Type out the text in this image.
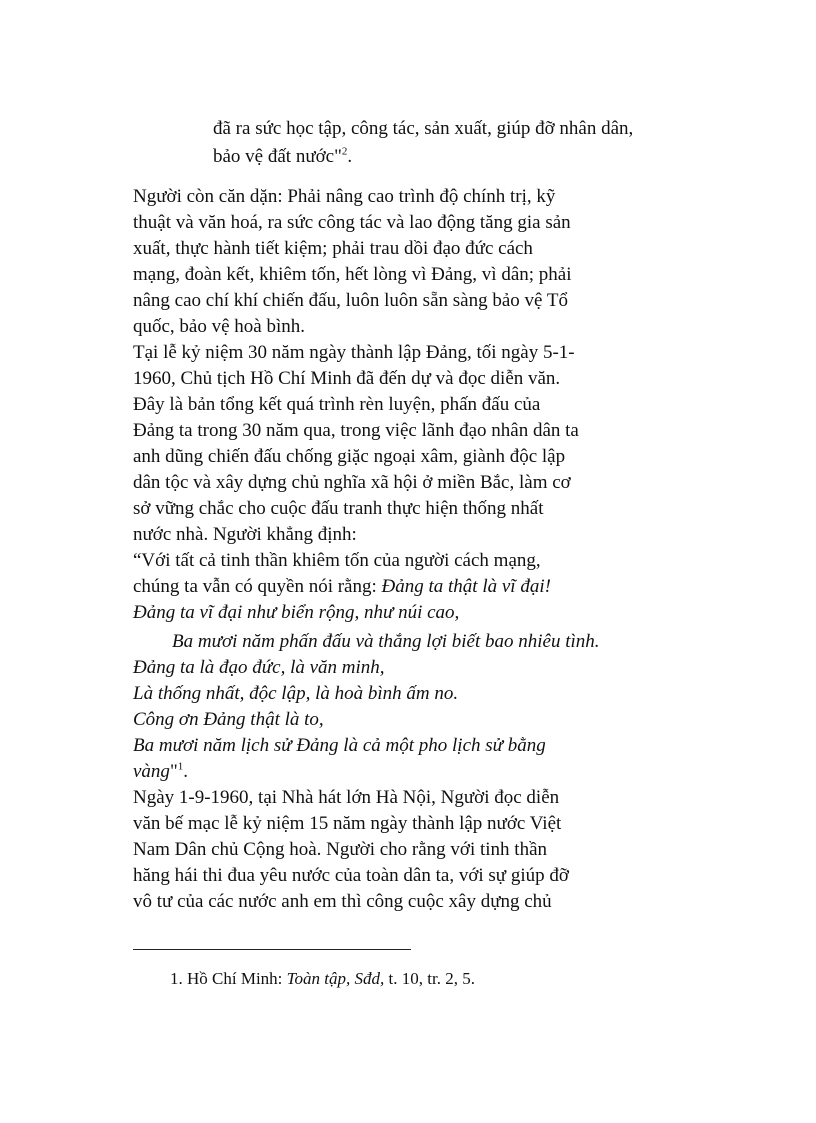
đã ra sức học tập, công tác, sản xuất, giúp đỡ nhân dân,
bảo vệ đất nước"$^2$.
Người còn căn dặn: Phải nâng cao trình độ chính trị, kỹ
thuật và văn hoá, ra sức công tác và lao động tăng gia sản
xuất, thực hành tiết kiệm; phải trau dồi đạo đức cách
mạng, đoàn kết, khiêm tốn, hết lòng vì Đảng, vì dân; phải
nâng cao chí khí chiến đấu, luôn luôn sẵn sàng bảo vệ Tổ
quốc, bảo vệ hoà bình.
Tại lễ kỷ niệm 30 năm ngày thành lập Đảng, tối ngày 5-1-
1960, Chủ tịch Hồ Chí Minh đã đến dự và đọc diễn văn.
Đây là bản tổng kết quá trình rèn luyện, phấn đấu của
Đảng ta trong 30 năm qua, trong việc lãnh đạo nhân dân ta
anh dũng chiến đấu chống giặc ngoại xâm, giành độc lập
dân tộc và xây dựng chủ nghĩa xã hội ở miền Bắc, làm cơ
sở vững chắc cho cuộc đấu tranh thực hiện thống nhất
nước nhà. Người khẳng định:
“Với tất cả tinh thần khiêm tốn của người cách mạng,
chúng ta vẫn có quyền nói rằng: Đảng ta thật là vĩ đại!
Đảng ta vĩ đại như biển rộng, như núi cao,
Ba mươi năm phấn đấu và thắng lợi biết bao nhiêu tình.
Đảng ta là đạo đức, là văn minh,
Là thống nhất, độc lập, là hoà bình ấm no.
Công ơn Đảng thật là to,
Ba mươi năm lịch sử Đảng là cả một pho lịch sử bằng
vàng"$^1$.
Ngày 1-9-1960, tại Nhà hát lớn Hà Nội, Người đọc diễn
văn bế mạc lễ kỷ niệm 15 năm ngày thành lập nước Việt
Nam Dân chủ Cộng hoà. Người cho rằng với tinh thần
hăng hái thi đua yêu nước của toàn dân ta, với sự giúp đỡ
vô tư của các nước anh em thì công cuộc xây dựng chủ
1. Hồ Chí Minh: Toàn tập, Sđd, t. 10, tr. 2, 5.
